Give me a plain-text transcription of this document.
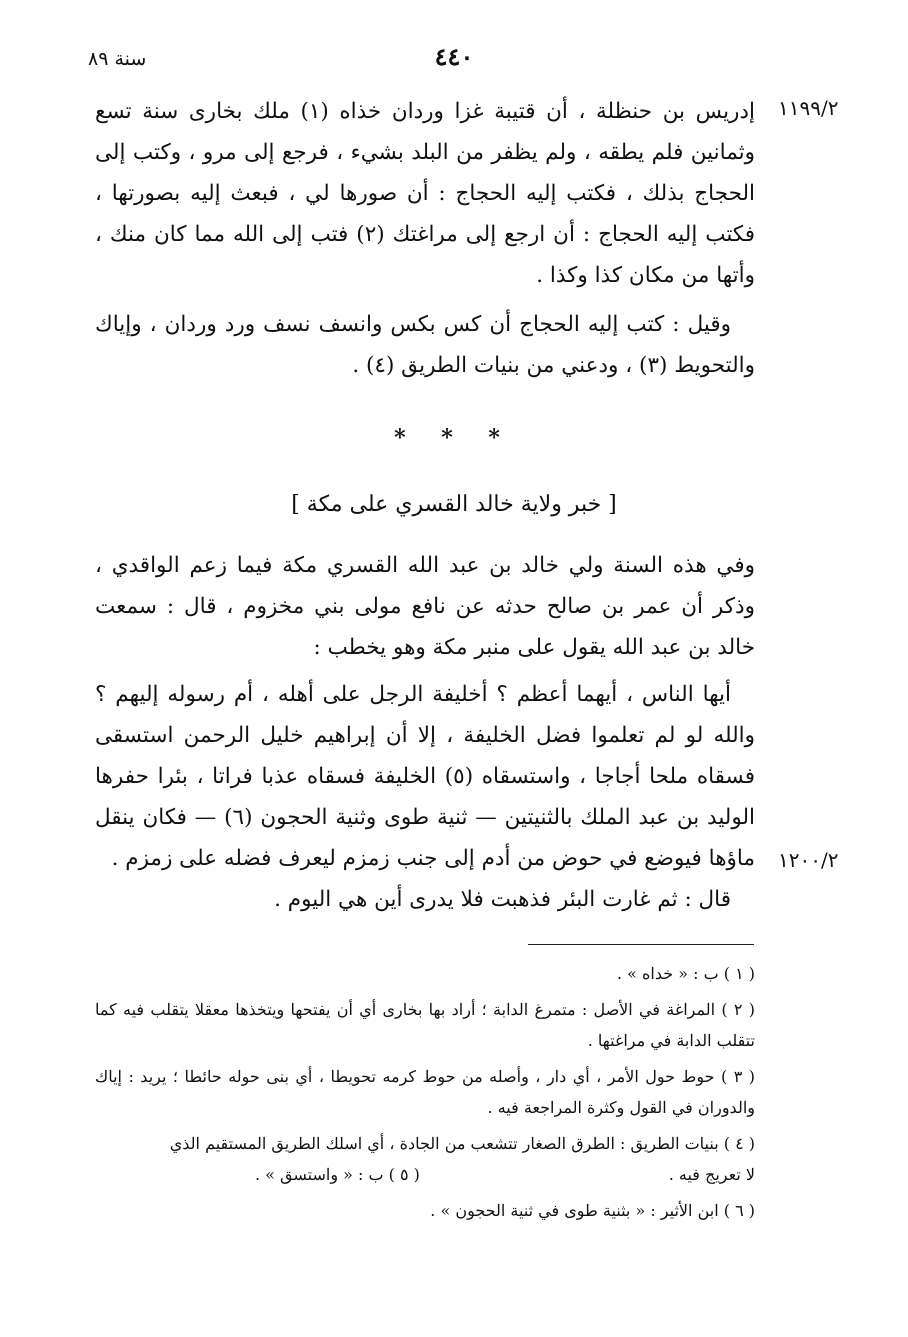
سنة ٨٩	٤٤٠
١١٩٩/٢
١٢٠٠/٢

إدريس بن حنظلة ، أن قتيبة غزا وردان خذاه (١) ملك بخارى سنة تسع وثمانين فلم يطقه ، ولم يظفر من البلد بشيء ، فرجع إلى مرو ، وكتب إلى الحجاج بذلك ، فكتب إليه الحجاج : أن صورها لي ، فبعث إليه بصورتها ، فكتب إليه الحجاج : أن ارجع إلى مراغتك (٢) فتب إلى الله مما كان منك ، وأتها من مكان كذا وكذا .

وقيل : كتب إليه الحجاج أن كس بكس وانسف نسف ورد وردان ، وإياك والتحويط (٣) ، ودعني من بنيات الطريق (٤) .

* * *
[ خبر ولاية خالد القسري على مكة ]

وفي هذه السنة ولي خالد بن عبد الله القسري مكة فيما زعم الواقدي ، وذكر أن عمر بن صالح حدثه عن نافع مولى بني مخزوم ، قال : سمعت خالد بن عبد الله يقول على منبر مكة وهو يخطب :

أيها الناس ، أيهما أعظم ؟ أخليفة الرجل على أهله ، أم رسوله إليهم ؟ والله لو لم تعلموا فضل الخليفة ، إلا أن إبراهيم خليل الرحمن استسقى فسقاه ملحا أجاجا ، واستسقاه (٥) الخليفة فسقاه عذبا فراتا ، بئرا حفرها الوليد بن عبد الملك بالثنيتين — ثنية طوى وثنية الحجون (٦) — فكان ينقل ماؤها فيوضع في حوض من أدم إلى جنب زمزم ليعرف فضله على زمزم .

قال : ثم غارت البئر فذهبت فلا يدرى أين هي اليوم .

( ١ ) ب : « خداه » .

( ٢ ) المراغة في الأصل : متمرغ الدابة ؛ أراد بها بخارى أي أن يفتحها ويتخذها معقلا يتقلب فيه كما تتقلب الدابة في مراغتها .

( ٣ ) حوط حول الأمر ، أي دار ، وأصله من حوط كرمه تحويطا ، أي بنى حوله حائطا ؛ يريد : إياك والدوران في القول وكثرة المراجعة فيه .

( ٤ ) بنيات الطريق : الطرق الصغار تتشعب من الجادة ، أي اسلك الطريق المستقيم الذي

لا تعريج فيه .
( ٥ ) ب : « واستسق » .

( ٦ ) ابن الأثير : « بثنية طوى في ثنية الحجون » .
